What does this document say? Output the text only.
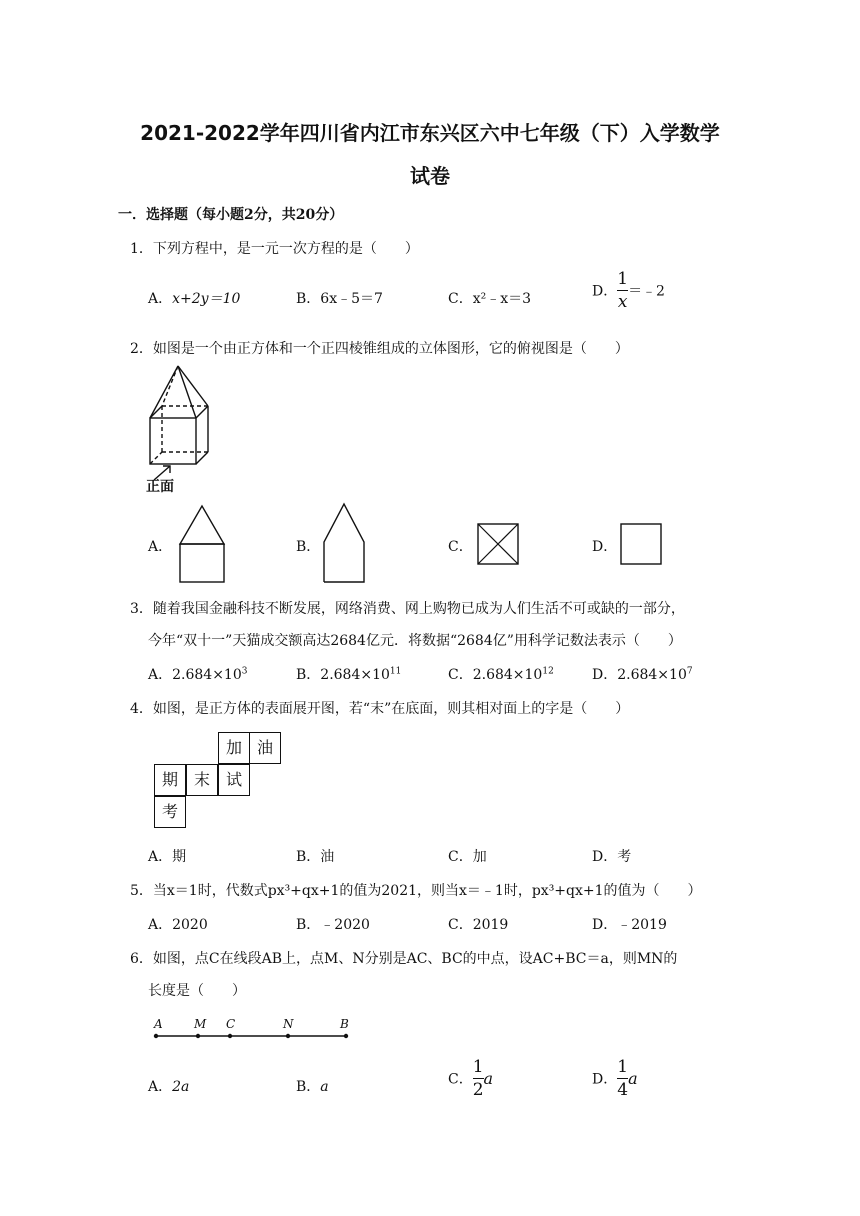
2021-2022学年四川省内江市东兴区六中七年级（下）入学数学
试卷
一．选择题（每小题2分，共20分）
1．下列方程中，是一元一次方程的是（　　）
A．x+2y＝10	B．6x﹣5＝7	C．x²﹣x＝3	D． $\frac{1}{x}$ ＝﹣2
2．如图是一个由正方体和一个正四棱锥组成的立体图形，它的俯视图是（　　）
正面
A．	B．	C．	D．
3．随着我国金融科技不断发展，网络消费、网上购物已成为人们生活不可或缺的一部分，
今年“双十一”天猫成交额高达2684亿元．将数据“2684亿”用科学记数法表示（　　）
A．$2.684\times 10^3$	B．$2.684\times 10^{11}$	C．$2.684\times 10^{12}$	D．$2.684\times 10^7$
4．如图，是正方体的表面展开图，若“末”在底面，则其相对面上的字是（　　）
加 油
期 末 试
考
A．期	B．油	C．加	D．考
5．当x＝1时，代数式px³+qx+1的值为2021，则当x＝﹣1时，px³+qx+1的值为（　　）
A．2020	B．﹣2020	C．2019	D．﹣2019
6．如图，点C在线段AB上，点M、N分别是AC、BC的中点，设AC+BC＝a，则MN的
长度是（　　）
A	M C	N	B
A．2a	B．a	C． $\frac{1}{2}$ a	D． $\frac{1}{4}$ a
